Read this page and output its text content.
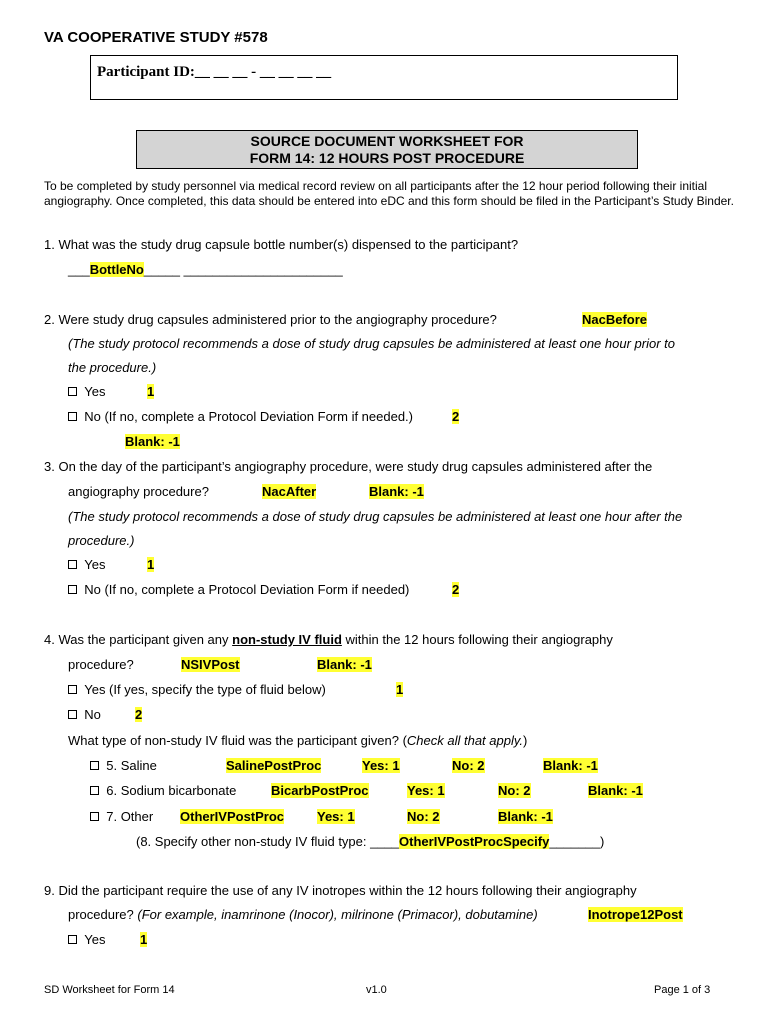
VA COOPERATIVE STUDY #578
Participant ID:__ __ __ - __ __ __ __
SOURCE DOCUMENT WORKSHEET FOR
FORM 14: 12 HOURS POST PROCEDURE
To be completed by study personnel via medical record review on all participants after the 12 hour period following their initial angiography. Once completed, this data should be entered into eDC and this form should be filed in the Participant’s Study Binder.
1. What was the study drug capsule bottle number(s) dispensed to the participant?
___BottleNo_____ ______________________
2. Were study drug capsules administered prior to the angiography procedure?	NacBefore
(The study protocol recommends a dose of study drug capsules be administered at least one hour prior to
the procedure.)
Yes	1
No (If no, complete a Protocol Deviation Form if needed.)	2
Blank: -1
3. On the day of the participant’s angiography procedure, were study drug capsules administered after the
angiography procedure?	NacAfter	Blank: -1
(The study protocol recommends a dose of study drug capsules be administered at least one hour after the
procedure.)
Yes	1
No (If no, complete a Protocol Deviation Form if needed)	2
4. Was the participant given any non-study IV fluid within the 12 hours following their angiography
procedure?	NSIVPost	Blank: -1
Yes (If yes, specify the type of fluid below)	1
No	2
What type of non-study IV fluid was the participant given? (Check all that apply.)
5. Saline	SalinePostProc	Yes: 1	No: 2	Blank: -1
6. Sodium bicarbonate	BicarbPostProc	Yes: 1	No: 2	Blank: -1
7. Other OtherIVPostProc	Yes: 1	No: 2	Blank: -1
(8. Specify other non-study IV fluid type: ____OtherIVPostProcSpecify_______)
9. Did the participant require the use of any IV inotropes within the 12 hours following their angiography
procedure? (For example, inamrinone (Inocor), milrinone (Primacor), dobutamine)	Inotrope12Post
Yes	1
SD Worksheet for Form 14	v1.0	Page 1 of 3
